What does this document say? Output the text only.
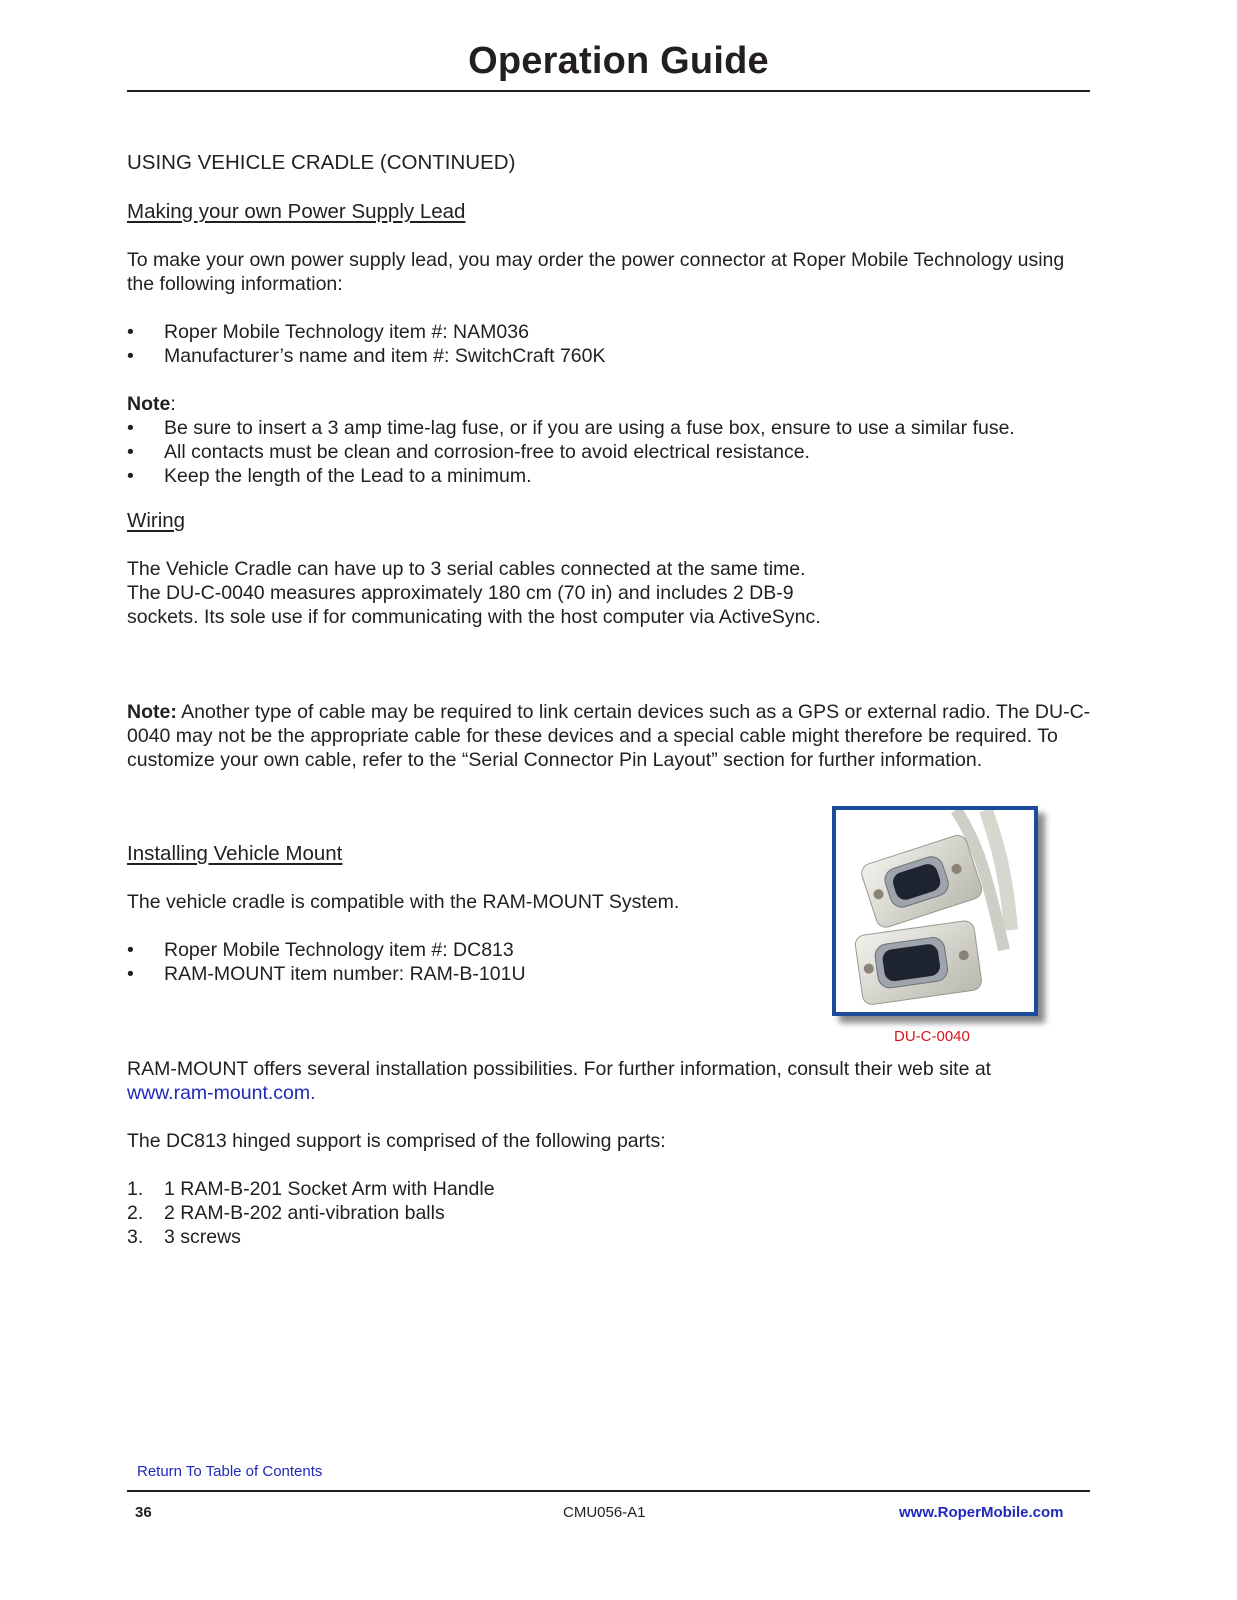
Operation Guide
USING VEHICLE CRADLE (CONTINUED)
Making your own Power Supply Lead
To make your own power supply lead, you may order the power connector at Roper Mobile Technology using the following information:
• Roper Mobile Technology item #: NAM036
• Manufacturer’s name and item #: SwitchCraft 760K
Note:
• Be sure to insert a 3 amp time-lag fuse, or if you are using a fuse box, ensure to use a similar fuse.
• All contacts must be clean and corrosion-free to avoid electrical resistance.
• Keep the length of the Lead to a minimum.
Wiring
The Vehicle Cradle can have up to 3 serial cables connected at the same time.
The DU-C-0040 measures approximately 180 cm (70 in) and includes 2 DB-9
sockets. Its sole use if for communicating with the host computer via ActiveSync.
Note: Another type of cable may be required to link certain devices such as a GPS or external radio. The DU-C-0040 may not be the appropriate cable for these devices and a special cable might therefore be required. To customize your own cable, refer to the “Serial Connector Pin Layout” section for further information.
DU-C-0040
Installing Vehicle Mount
The vehicle cradle is compatible with the RAM-MOUNT System.
• Roper Mobile Technology item #: DC813
• RAM-MOUNT item number: RAM-B-101U
RAM-MOUNT offers several installation possibilities. For further information, consult their web site at
www.ram-mount.com.
The DC813 hinged support is comprised of the following parts:
1. 1 RAM-B-201 Socket Arm with Handle
2. 2 RAM-B-202 anti-vibration balls
3. 3 screws
Return To Table of Contents
36	CMU056-A1	www.RoperMobile.com
